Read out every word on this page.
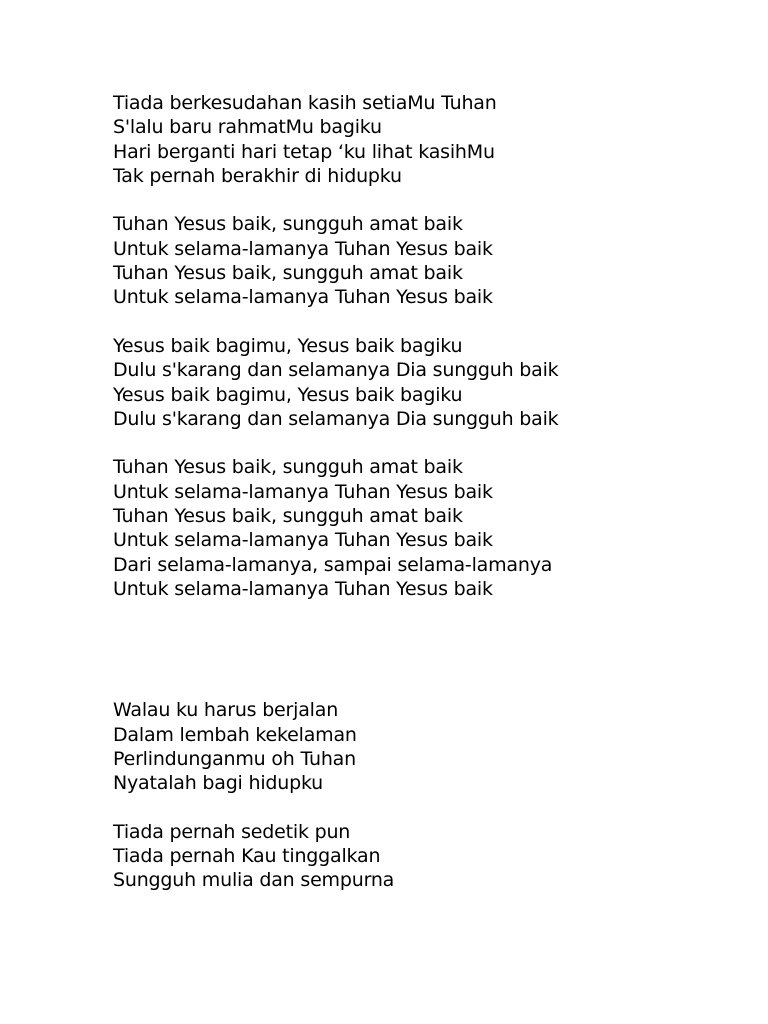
Tiada berkesudahan kasih setiaMu Tuhan
S'lalu baru rahmatMu bagiku
Hari berganti hari tetap ‘ku lihat kasihMu
Tak pernah berakhir di hidupku
Tuhan Yesus baik, sungguh amat baik
Untuk selama-lamanya Tuhan Yesus baik
Tuhan Yesus baik, sungguh amat baik
Untuk selama-lamanya Tuhan Yesus baik
Yesus baik bagimu, Yesus baik bagiku
Dulu s'karang dan selamanya Dia sungguh baik
Yesus baik bagimu, Yesus baik bagiku
Dulu s'karang dan selamanya Dia sungguh baik
Tuhan Yesus baik, sungguh amat baik
Untuk selama-lamanya Tuhan Yesus baik
Tuhan Yesus baik, sungguh amat baik
Untuk selama-lamanya Tuhan Yesus baik
Dari selama-lamanya, sampai selama-lamanya
Untuk selama-lamanya Tuhan Yesus baik
Walau ku harus berjalan
Dalam lembah kekelaman
Perlindunganmu oh Tuhan
Nyatalah bagi hidupku
Tiada pernah sedetik pun
Tiada pernah Kau tinggalkan
Sungguh mulia dan sempurna
